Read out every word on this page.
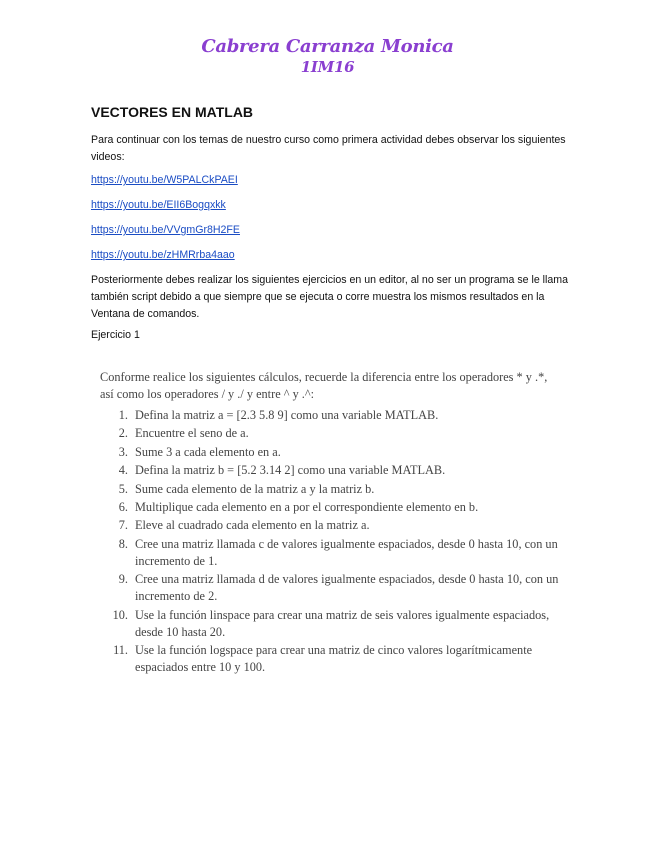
Cabrera Carranza Monica
1IM16
VECTORES EN MATLAB
Para continuar con los temas de nuestro curso como primera actividad debes observar los siguientes videos:
https://youtu.be/W5PALCkPAEI
https://youtu.be/EII6Bogqxkk
https://youtu.be/VVgmGr8H2FE
https://youtu.be/zHMRrba4aao
Posteriormente debes realizar los siguientes ejercicios en un editor, al no ser un programa se le llama también script debido a que siempre que se ejecuta o corre muestra los mismos resultados en la Ventana de comandos.
Ejercicio 1
Conforme realice los siguientes cálculos, recuerde la diferencia entre los operadores * y .*, así como los operadores / y ./ y entre ^ y .^:
1. Defina la matriz a = [2.3 5.8 9] como una variable MATLAB.
2. Encuentre el seno de a.
3. Sume 3 a cada elemento en a.
4. Defina la matriz b = [5.2 3.14 2] como una variable MATLAB.
5. Sume cada elemento de la matriz a y la matriz b.
6. Multiplique cada elemento en a por el correspondiente elemento en b.
7. Eleve al cuadrado cada elemento en la matriz a.
8. Cree una matriz llamada c de valores igualmente espaciados, desde 0 hasta 10, con un incremento de 1.
9. Cree una matriz llamada d de valores igualmente espaciados, desde 0 hasta 10, con un incremento de 2.
10. Use la función linspace para crear una matriz de seis valores igualmente espaciados, desde 10 hasta 20.
11. Use la función logspace para crear una matriz de cinco valores logarítmicamente espaciados entre 10 y 100.
